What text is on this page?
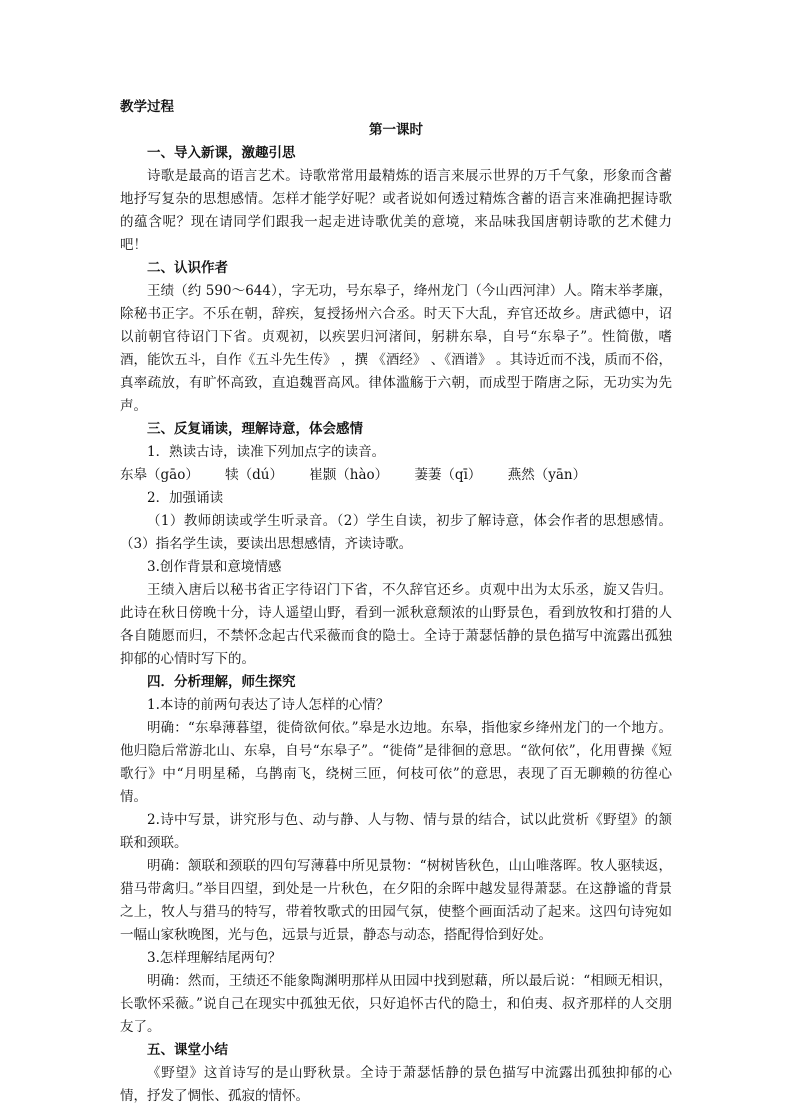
教学过程
第一课时
一、导入新课，激趣引思

诗歌是最高的语言艺术。诗歌常常用最精炼的语言来展示世界的万千气象，形象而含蓄地抒写复杂的思想感情。怎样才能学好呢？或者说如何透过精炼含蓄的语言来准确把握诗歌的蕴含呢？现在请同学们跟我一起走进诗歌优美的意境，来品味我国唐朝诗歌的艺术健力吧！

二、认识作者

王绩（约 590～644），字无功，号东皋子，绛州龙门（今山西河津）人。隋末举孝廉，除秘书正字。不乐在朝，辞疾，复授扬州六合丞。时天下大乱，弃官还故乡。唐武德中，诏以前朝官待诏门下省。贞观初，以疾罢归河渚间，躬耕东皋，自号“东皋子”。性简傲，嗜酒，能饮五斗，自作《五斗先生传》 ，撰 《酒经》 、《酒谱》 。其诗近而不浅，质而不俗，真率疏放，有旷怀高致，直追魏晋高风。律体滥觞于六朝，而成型于隋唐之际，无功实为先声。

三、反复诵读，理解诗意，体会感情
1．熟读古诗，读准下列加点字的读音。
东皋（gāo） 犊（dú） 崔颢（hào） 萋萋（qī） 燕然（yān）
2．加强诵读

（1）教师朗读或学生听录音。（2）学生自读，初步了解诗意，体会作者的思想感情。（3）指名学生读，要读出思想感情，齐读诗歌。

3.创作背景和意境情感

王绩入唐后以秘书省正字待诏门下省，不久辞官还乡。贞观中出为太乐丞，旋又告归。此诗在秋日傍晚十分，诗人遥望山野，看到一派秋意颓浓的山野景色，看到放牧和打猎的人各自随愿而归，不禁怀念起古代采薇而食的隐士。全诗于萧瑟恬静的景色描写中流露出孤独抑郁的心情时写下的。

四．分析理解，师生探究
1.本诗的前两句表达了诗人怎样的心情？

明确：“东皋薄暮望，徙倚欲何依。”皋是水边地。东皋，指他家乡绛州龙门的一个地方。他归隐后常游北山、东皋，自号“东皋子”。“徙倚”是徘徊的意思。“欲何依”，化用曹操《短歌行》中“月明星稀，乌鹊南飞，绕树三匝，何枝可依”的意思，表现了百无聊赖的彷徨心情。

2.诗中写景，讲究形与色、动与静、人与物、情与景的结合，试以此赏析《野望》的颔联和颈联。

明确：颔联和颈联的四句写薄暮中所见景物：“树树皆秋色，山山唯落晖。牧人驱犊返，猎马带禽归。”举目四望，到处是一片秋色，在夕阳的余晖中越发显得萧瑟。在这静谧的背景之上，牧人与猎马的特写，带着牧歌式的田园气氛，使整个画面活动了起来。这四句诗宛如一幅山家秋晚图，光与色，远景与近景，静态与动态，搭配得恰到好处。

3.怎样理解结尾两句？

明确：然而，王绩还不能象陶渊明那样从田园中找到慰藉，所以最后说：“相顾无相识，长歌怀采薇。”说自己在现实中孤独无依，只好追怀古代的隐士，和伯夷、叔齐那样的人交朋友了。

五、课堂小结

《野望》这首诗写的是山野秋景。全诗于萧瑟恬静的景色描写中流露出孤独抑郁的心情，抒发了惆怅、孤寂的情怀。
